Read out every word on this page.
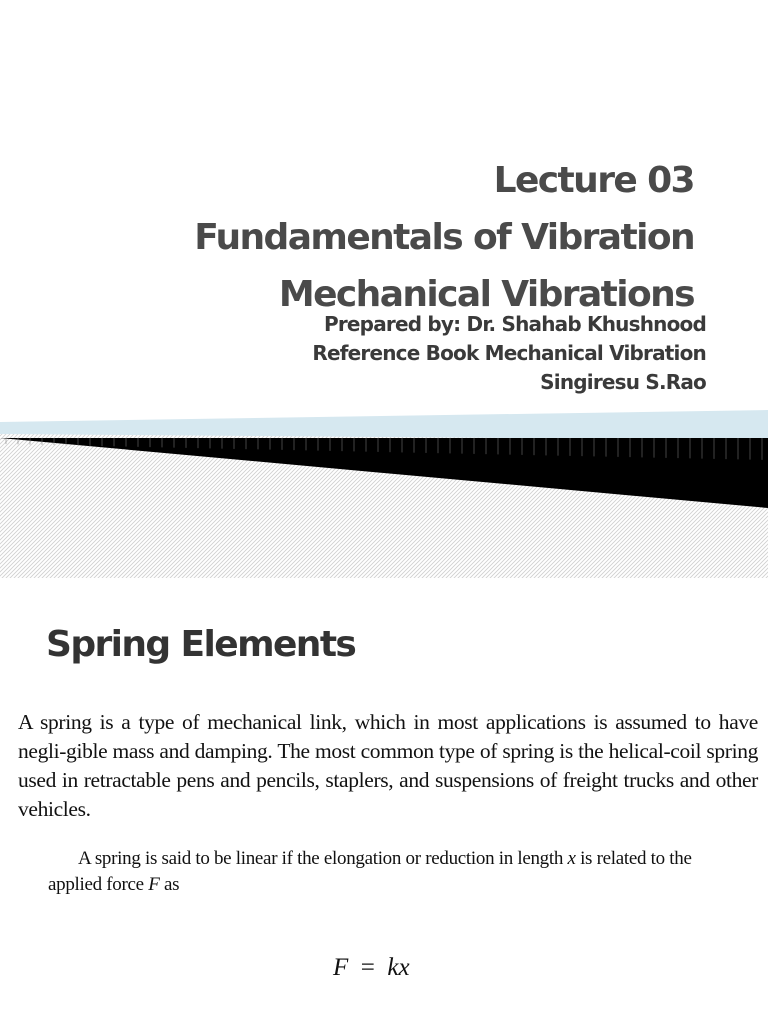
Lecture 03
Fundamentals of Vibration
Mechanical Vibrations
Prepared by: Dr. Shahab Khushnood
Reference Book Mechanical Vibration
Singiresu S.Rao
Spring Elements

A spring is a type of mechanical link, which in most applications is assumed to have negli-gible mass and damping. The most common type of spring is the helical-coil spring used in retractable pens and pencils, staplers, and suspensions of freight trucks and other vehicles.

A spring is said to be linear if the elongation or reduction in length x is related to the applied force F as

F = kx
